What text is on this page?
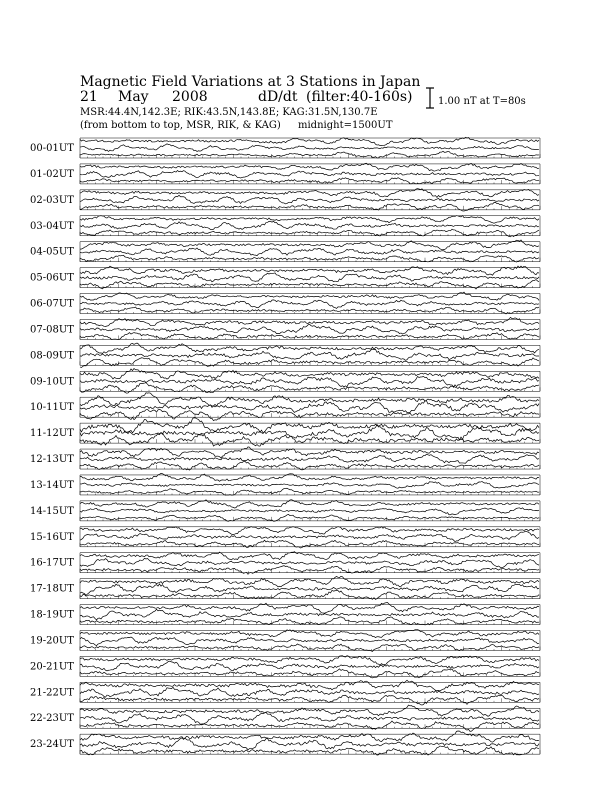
Magnetic Field Variations at 3 Stations in Japan
21 May 2008	dD/dt (filter:40-160s)
MSR:44.4N,142.3E; RIK:43.5N,143.8E; KAG:31.5N,130.7E
(from bottom to top, MSR, RIK, & KAG) midnight=1500UT
1.00 nT at T=80s
00-01UT
01-02UT
02-03UT
03-04UT
04-05UT
05-06UT
06-07UT
07-08UT
08-09UT
09-10UT
10-11UT
11-12UT
12-13UT
13-14UT
14-15UT
15-16UT
16-17UT
17-18UT
18-19UT
19-20UT
20-21UT
21-22UT
22-23UT
23-24UT
